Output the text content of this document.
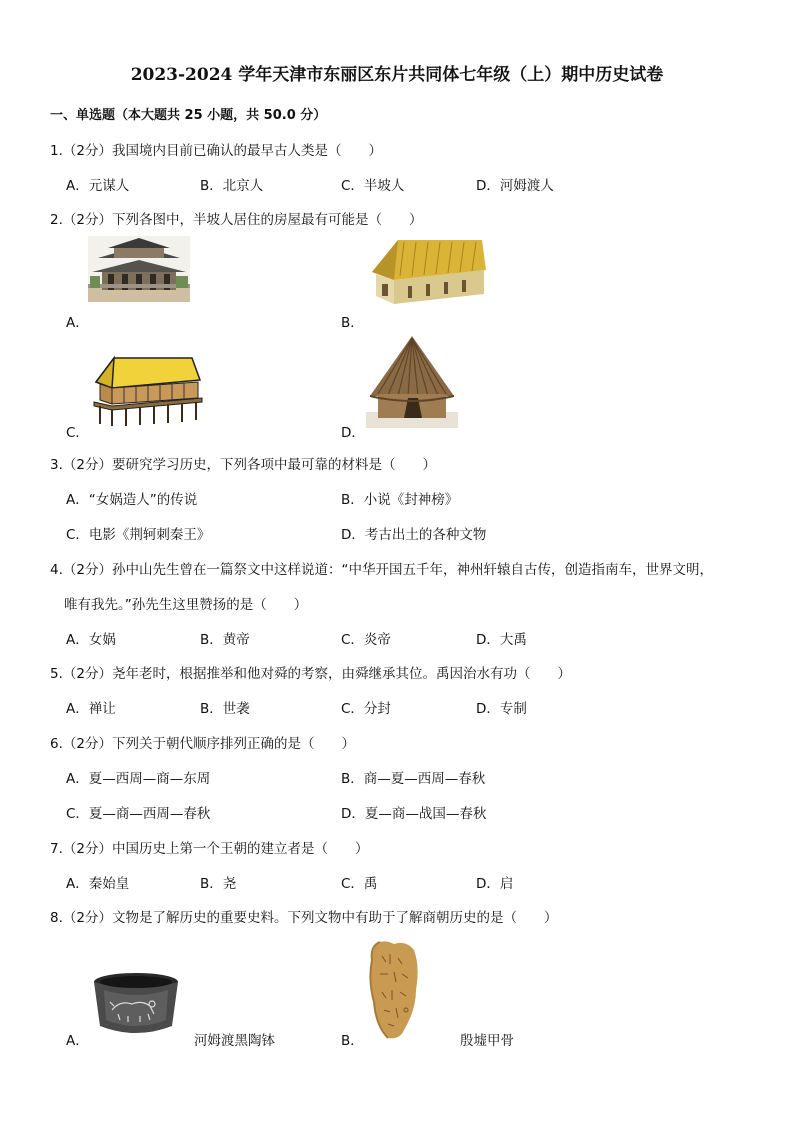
2023-2024 学年天津市东丽区东片共同体七年级（上）期中历史试卷
一、单选题（本大题共 25 小题，共 50.0 分）
1.（2分）我国境内目前已确认的最早古人类是（　　）
A．元谋人	B．北京人	C．半坡人	D．河姆渡人
2.（2分）下列各图中，半坡人居住的房屋最有可能是（　　）
A．	B．
C．	D．
3.（2分）要研究学习历史，下列各项中最可靠的材料是（　　）
A．“女娲造人”的传说	B．小说《封神榜》
C．电影《荆轲刺秦王》	D．考古出土的各种文物
4.（2分）孙中山先生曾在一篇祭文中这样说道：“中华开国五千年，神州轩辕自古传，创造指南车，世界文明，
唯有我先。”孙先生这里赞扬的是（　　）
A．女娲	B．黄帝	C．炎帝	D．大禹
5.（2分）尧年老时，根据推举和他对舜的考察，由舜继承其位。禹因治水有功（　　）
A．禅让	B．世袭	C．分封	D．专制
6.（2分）下列关于朝代顺序排列正确的是（　　）
A．夏—西周—商—东周	B．商—夏—西周—春秋
C．夏—商—西周—春秋	D．夏—商—战国—春秋
7.（2分）中国历史上第一个王朝的建立者是（　　）
A．秦始皇	B．尧	C．禹	D．启
8.（2分）文物是了解历史的重要史料。下列文物中有助于了解商朝历史的是（　　）
A．	B．
河姆渡黑陶钵	殷墟甲骨
